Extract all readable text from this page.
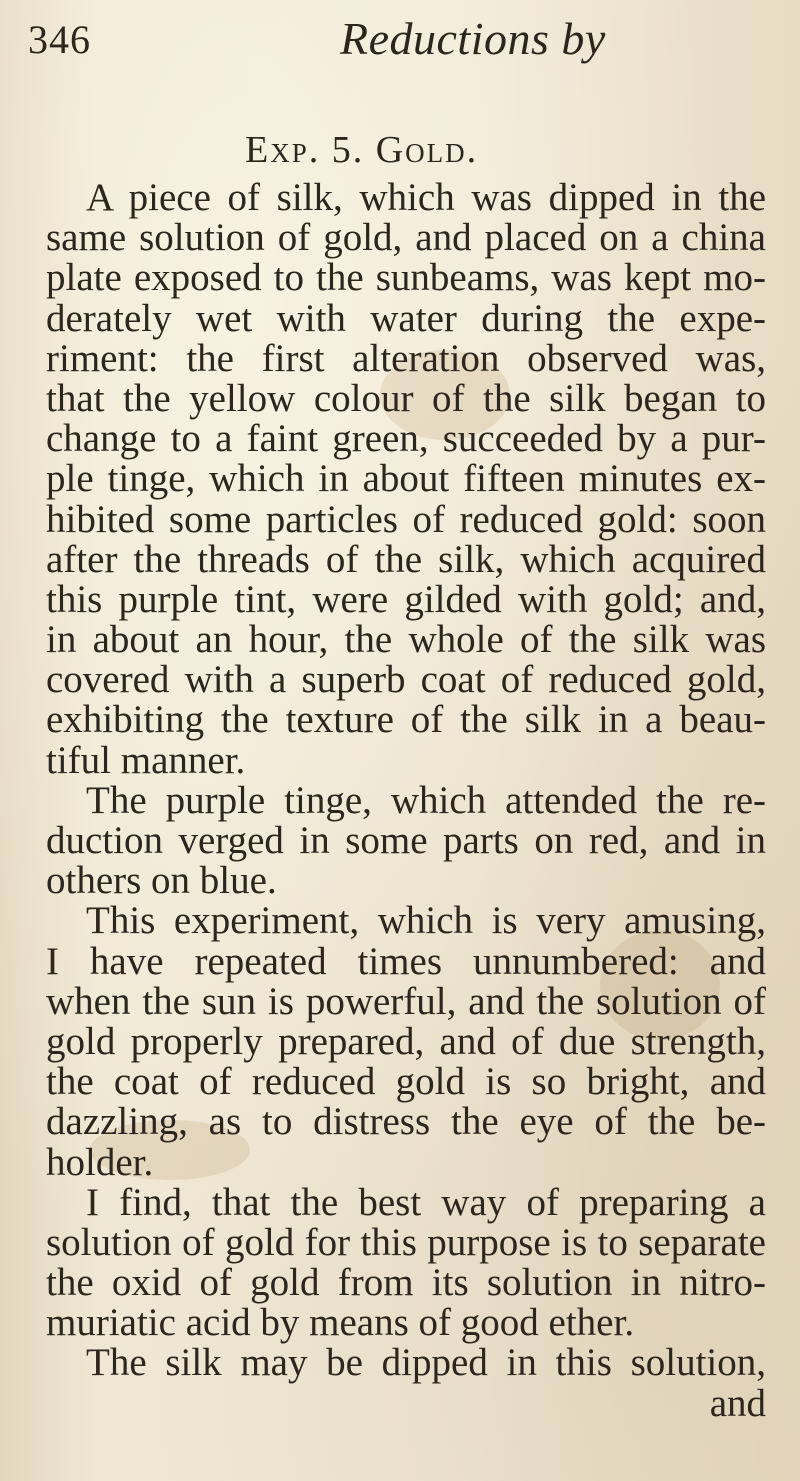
346	Reductions by
Exp. 5. Gold.
A piece of silk, which was dipped in the
same solution of gold, and placed on a china
plate exposed to the sunbeams, was kept mo-
derately wet with water during the expe-
riment: the first alteration observed was,
that the yellow colour of the silk began to
change to a faint green, succeeded by a pur-
ple tinge, which in about fifteen minutes ex-
hibited some particles of reduced gold: soon
after the threads of the silk, which acquired
this purple tint, were gilded with gold; and,
in about an hour, the whole of the silk was
covered with a superb coat of reduced gold,
exhibiting the texture of the silk in a beau-
tiful manner.
The purple tinge, which attended the re-
duction verged in some parts on red, and in
others on blue.
This experiment, which is very amusing,
I have repeated times unnumbered: and
when the sun is powerful, and the solution of
gold properly prepared, and of due strength,
the coat of reduced gold is so bright, and
dazzling, as to distress the eye of the be-
holder.
I find, that the best way of preparing a
solution of gold for this purpose is to separate
the oxid of gold from its solution in nitro-
muriatic acid by means of good ether.
The silk may be dipped in this solution,
and
